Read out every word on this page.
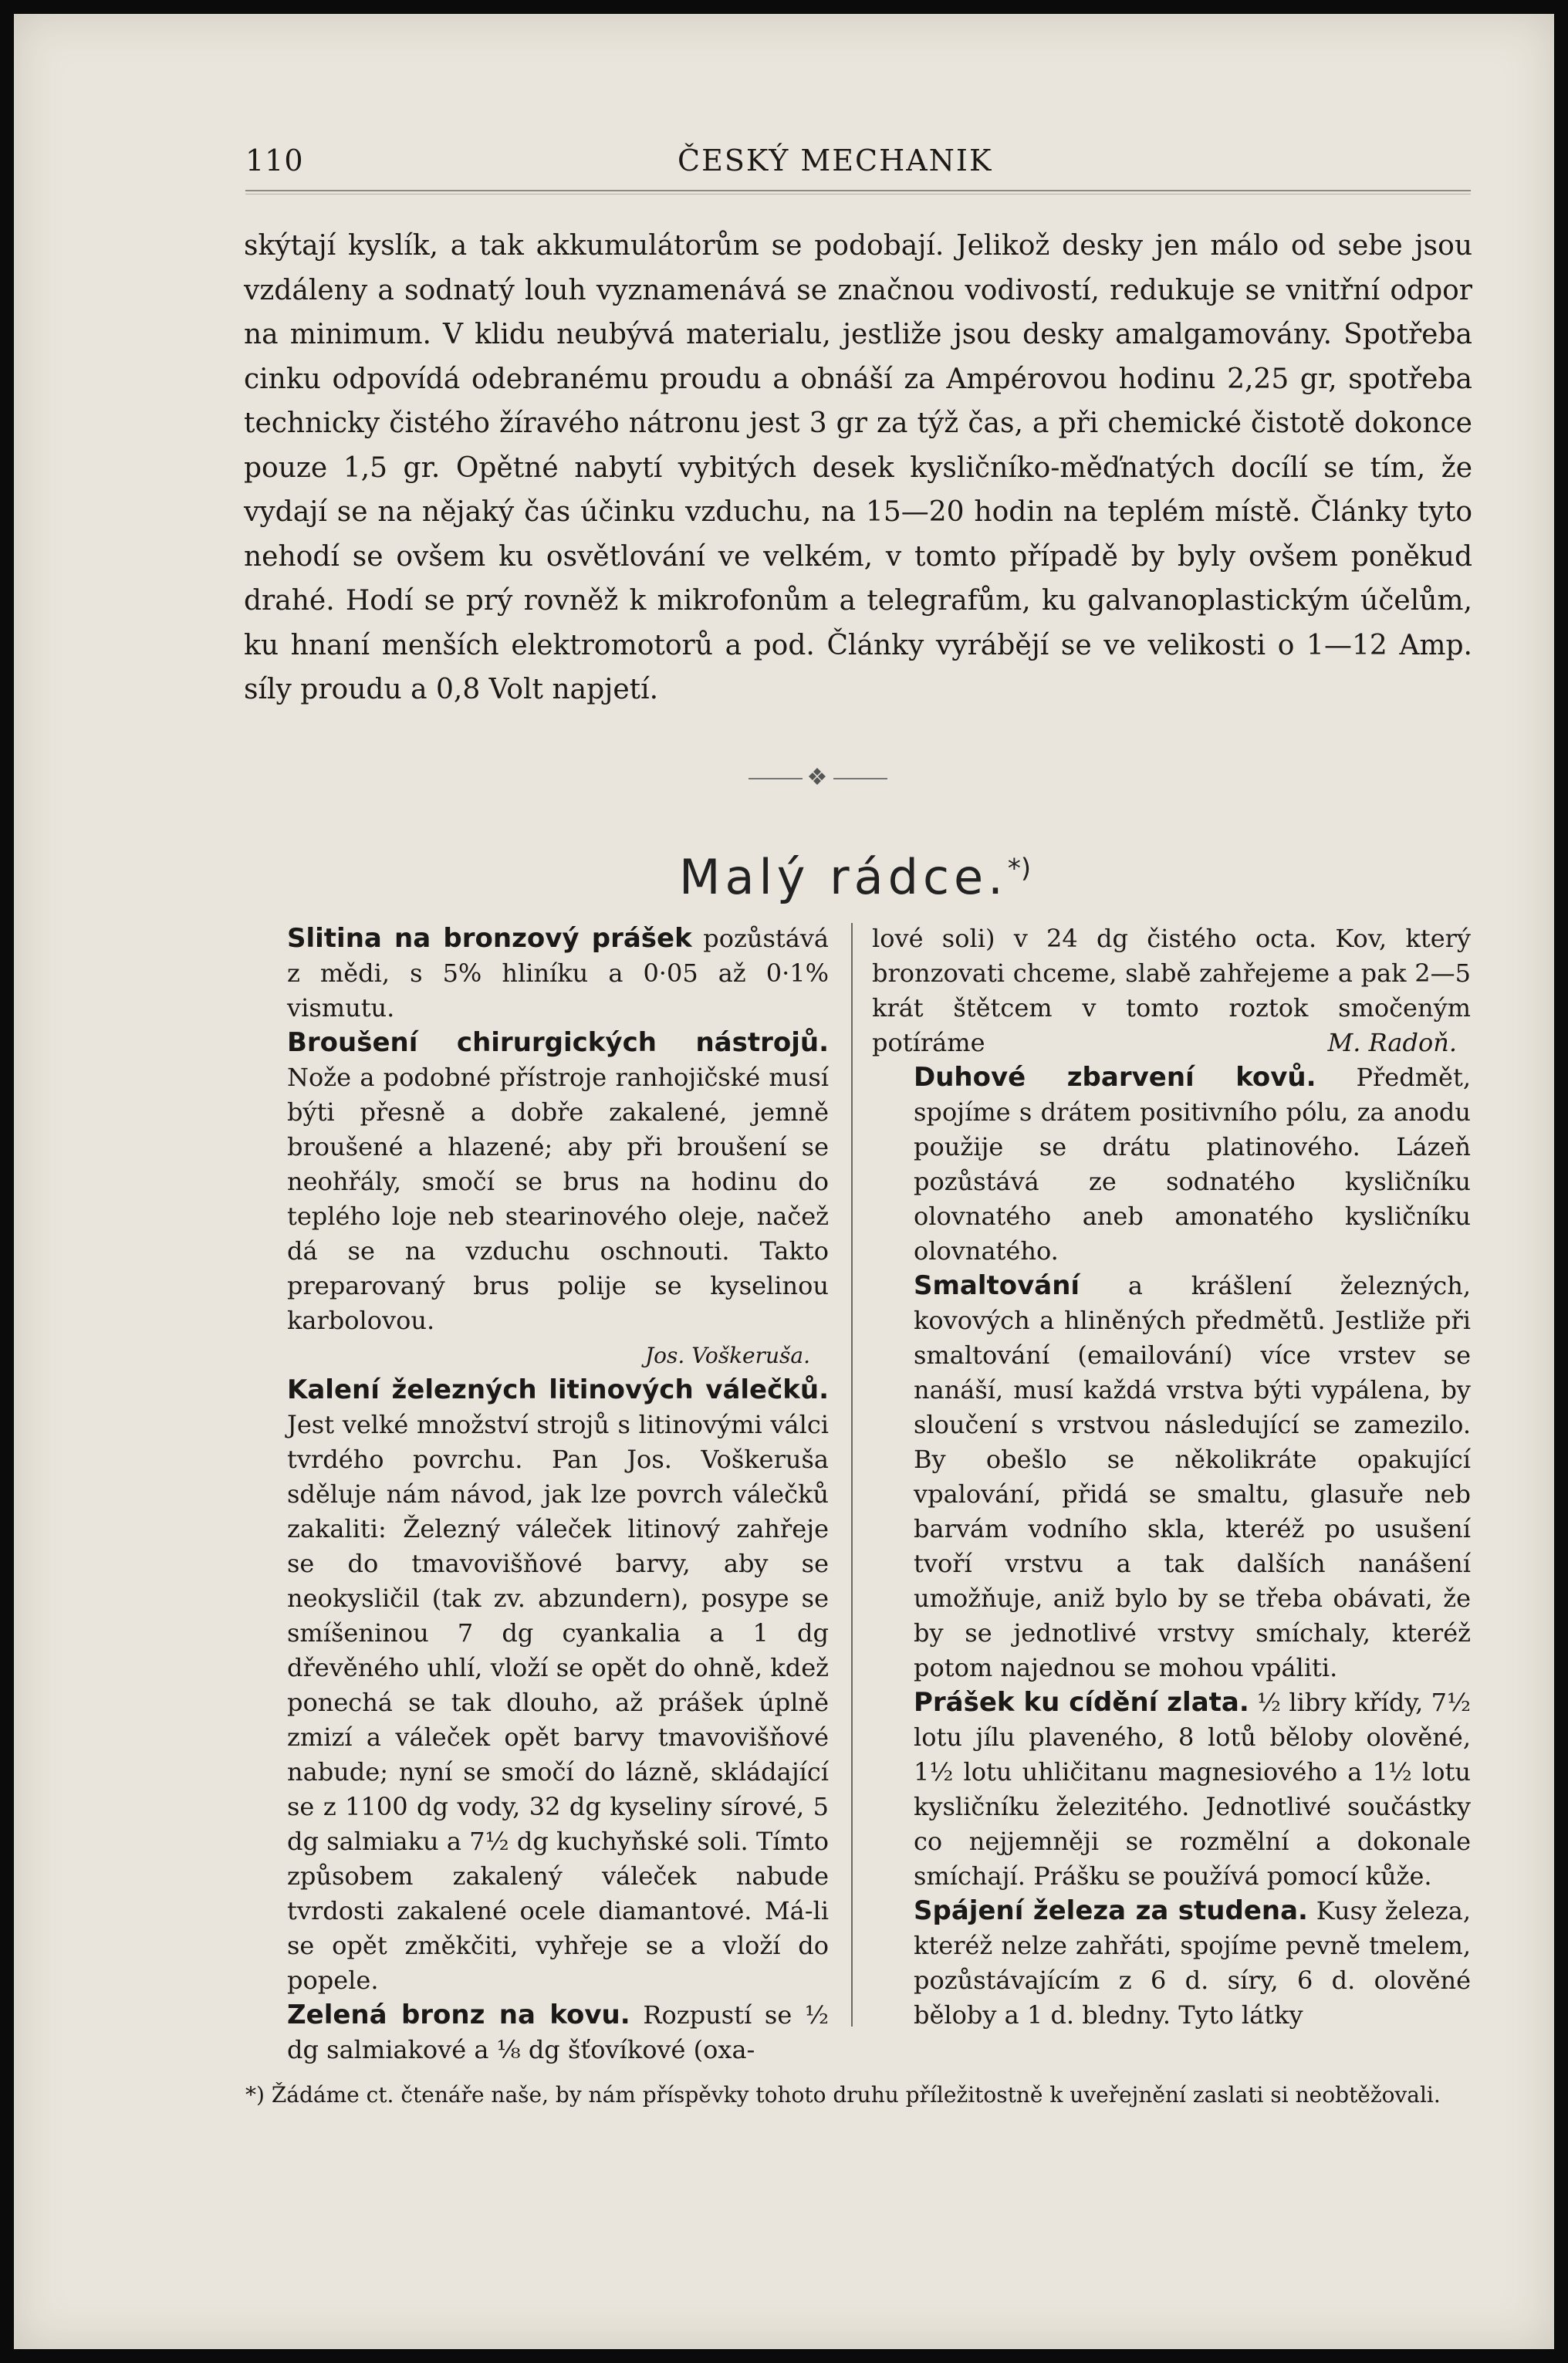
110	ČESKÝ MECHANIK

skýtají kyslík, a tak akkumulátorům se podobají. Jelikož desky jen málo od sebe jsou vzdáleny a sodnatý louh vyznamenává se značnou vodivostí, redukuje se vnitřní odpor na minimum. V klidu neubývá materialu, jestliže jsou desky amalgamovány. Spotřeba cinku odpovídá odebranému proudu a obnáší za Ampérovou hodinu 2,25 gr, spotřeba technicky čistého žíravého nátronu jest 3 gr za týž čas, a při chemické čistotě dokonce pouze 1,5 gr. Opětné nabytí vybitých desek kysličníko-měďnatých docílí se tím, že vydají se na nějaký čas účinku vzduchu, na 15—20 hodin na teplém místě. Články tyto nehodí se ovšem ku osvětlování ve velkém, v tomto případě by byly ovšem poněkud drahé. Hodí se prý rovněž k mikrofonům a telegrafům, ku galvanoplastickým účelům, ku hnaní menších elektromotorů a pod. Články vyrábějí se ve velikosti o 1—12 Amp. síly proudu a 0,8 Volt napjetí.

❖
Malý rádce.*)

Slitina na bronzový prášek pozůstává z mědi, s 5% hliníku a 0·05 až 0·1% vismutu.

Broušení chirurgických nástrojů. Nože a podobné přístroje ranhojičské musí býti přesně a dobře zakalené, jemně broušené a hlazené; aby při broušení se neohřály, smočí se brus na hodinu do teplého loje neb stearinového oleje, načež dá se na vzduchu oschnouti. Takto preparovaný brus polije se kyselinou karbolovou.

Jos. Voškeruša.

Kalení železných litinových válečků. Jest velké množství strojů s litinovými válci tvrdého povrchu. Pan Jos. Voškeruša sděluje nám návod, jak lze povrch válečků zakaliti: Železný váleček litinový zahřeje se do tmavovišňové barvy, aby se neokysličil (tak zv. abzundern), posype se smíšeninou 7 dg cyankalia a 1 dg dřevěného uhlí, vloží se opět do ohně, kdež ponechá se tak dlouho, až prášek úplně zmizí a váleček opět barvy tmavovišňové nabude; nyní se smočí do lázně, skládající se z 1100 dg vody, 32 dg kyseliny sírové, 5 dg salmiaku a 7½ dg kuchyňské soli. Tímto způsobem zakalený váleček nabude tvrdosti zakalené ocele diamantové. Má-li se opět změkčiti, vyhřeje se a vloží do popele.

Zelená bronz na kovu. Rozpustí se ½ dg salmiakové a ⅛ dg šťovíkové (oxa-

lové soli) v 24 dg čistého octa. Kov, který bronzovati chceme, slabě zahřejeme a pak 2—5 krát štětcem v tomto roztok smočeným potíráme	M. Radoň.

Duhové zbarvení kovů. Předmět, spojíme s drátem positivního pólu, za anodu použije se drátu platinového. Lázeň pozůstává ze sodnatého kysličníku olovnatého aneb amonatého kysličníku olovnatého.

Smaltování a krášlení železných, kovových a hliněných předmětů. Jestliže při smaltování (emailování) více vrstev se nanáší, musí každá vrstva býti vypálena, by sloučení s vrstvou následující se zamezilo. By obešlo se několikráte opakující vpalování, přidá se smaltu, glasuře neb barvám vodního skla, kteréž po usušení tvoří vrstvu a tak dalších nanášení umožňuje, aniž bylo by se třeba obávati, že by se jednotlivé vrstvy smíchaly, kteréž potom najednou se mohou vpáliti.

Prášek ku cídění zlata. ½ libry křídy, 7½ lotu jílu plaveného, 8 lotů běloby olověné, 1½ lotu uhličitanu magnesiového a 1½ lotu kysličníku železitého. Jednotlivé součástky co nejjemněji se rozmělní a dokonale smíchají. Prášku se používá pomocí kůže.

Spájení železa za studena. Kusy železa, kteréž nelze zahřáti, spojíme pevně tmelem, pozůstávajícím z 6 d. síry, 6 d. olověné běloby a 1 d. bledny. Tyto látky

*) Žádáme ct. čtenáře naše, by nám příspěvky tohoto druhu příležitostně k uveřejnění zaslati si neobtěžovali.
